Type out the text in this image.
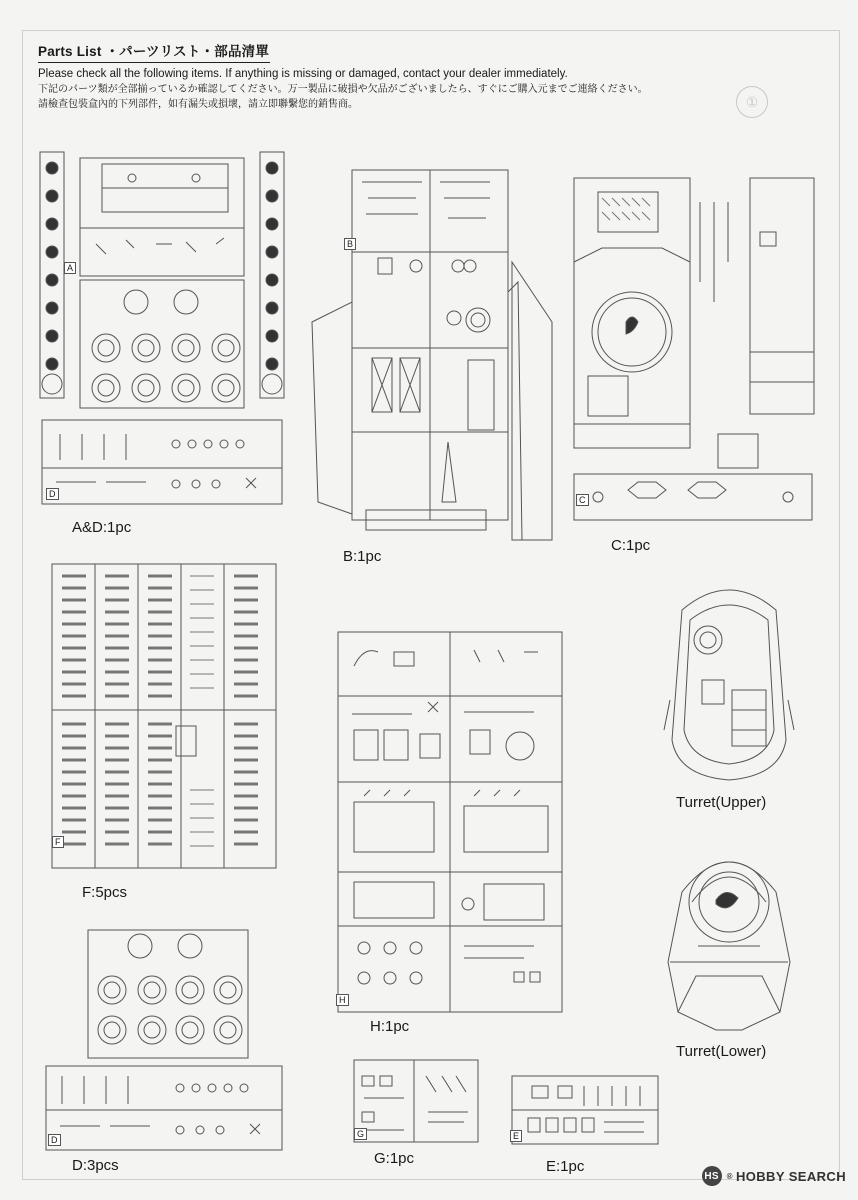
Parts List ・パーツリスト・部品清單
Please check all the following items. If anything is missing or damaged, contact your dealer immediately.
下記のパーツ類が全部揃っているか確認してください。万一製品に破損や欠品がございましたら、すぐにご購入元までご連絡ください。
請檢查包裝盒內的下列部件，如有漏失或損壞，請立即聯繫您的銷售商。	①
A
D
A&D:1pc
B
B:1pc
C
C:1pc
F
F:5pcs
Turret(Upper)
H
H:1pc
Turret(Lower)
D
D:3pcs
G
G:1pc
E
E:1pc
HS ® HOBBY SEARCH
